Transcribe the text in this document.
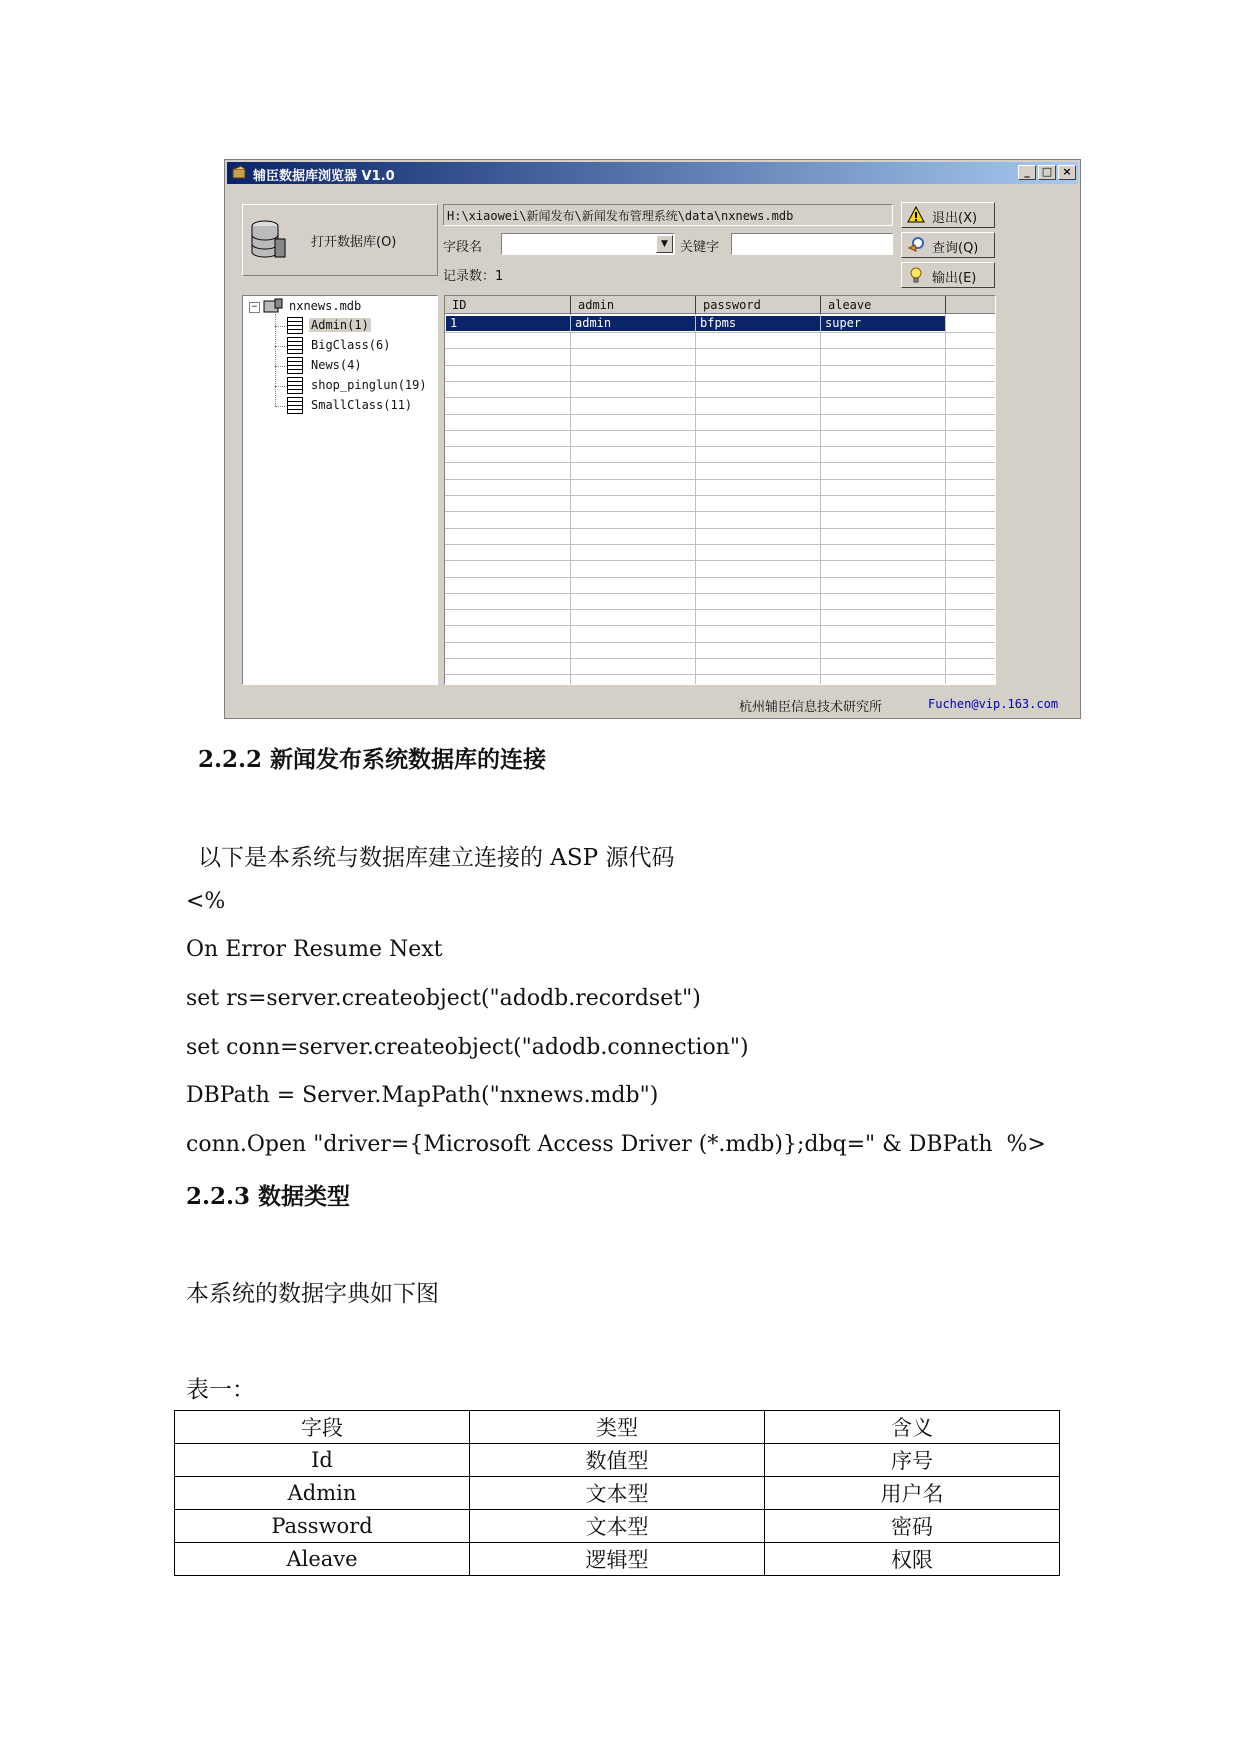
辅臣数据库浏览器 V1.0	_	□ ×
打开数据库(O)
H:\xiaowei\新闻发布\新闻发布管理系统\data\nxnews.mdb
字段名	▼ 关键字
记录数：1
退出(X)
查询(Q)
输出(E)
−	nxnews.mdb
Admin(1)
BigClass(6)
News(4)
shop_pinglun(19)
SmallClass(11)
ID	admin	password	aleave
1	admin	bfpms	super
杭州辅臣信息技术研究所	Fuchen@vip.163.com
2.2.2 新闻发布系统数据库的连接
以下是本系统与数据库建立连接的 ASP 源代码
<%
On Error Resume Next
set rs=server.createobject("adodb.recordset")
set conn=server.createobject("adodb.connection")
DBPath = Server.MapPath("nxnews.mdb")
conn.Open "driver={Microsoft Access Driver (*.mdb)};dbq=" & DBPath  %>
2.2.3 数据类型
本系统的数据字典如下图
表一：
字段	类型	含义
Id	数值型	序号
Admin	文本型	用户名
Password	文本型	密码
Aleave	逻辑型	权限
